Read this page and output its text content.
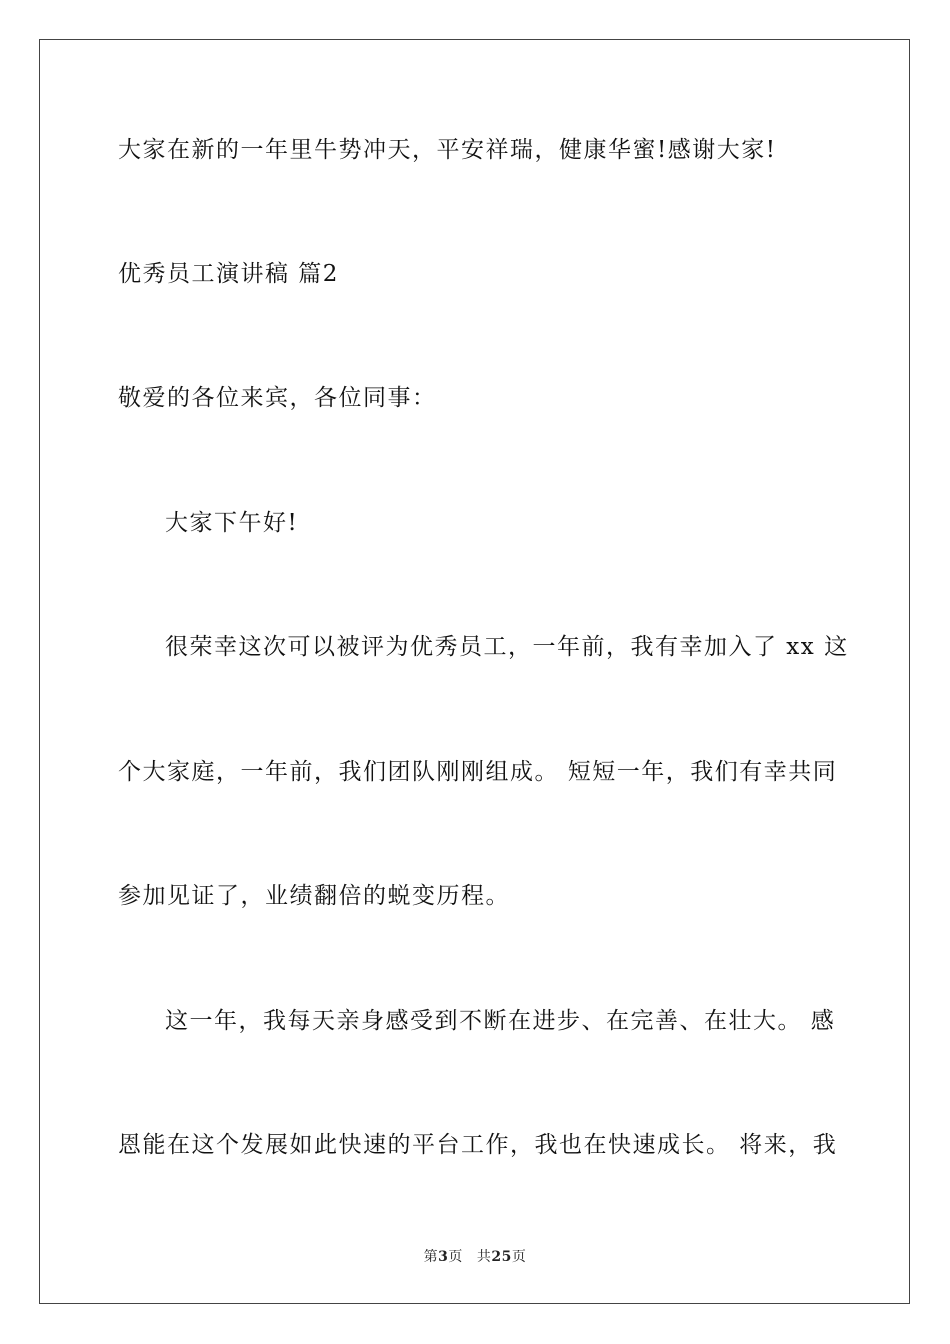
大家在新的一年里牛势冲天，平安祥瑞，健康华蜜!感谢大家!
优秀员工演讲稿 篇2
敬爱的各位来宾，各位同事：
大家下午好!
很荣幸这次可以被评为优秀员工，一年前，我有幸加入了 xx 这
个大家庭，一年前，我们团队刚刚组成。 短短一年，我们有幸共同
参加见证了，业绩翻倍的蜕变历程。
这一年，我每天亲身感受到不断在进步、在完善、在壮大。 感
恩能在这个发展如此快速的平台工作，我也在快速成长。 将来，我
第3页 共25页
